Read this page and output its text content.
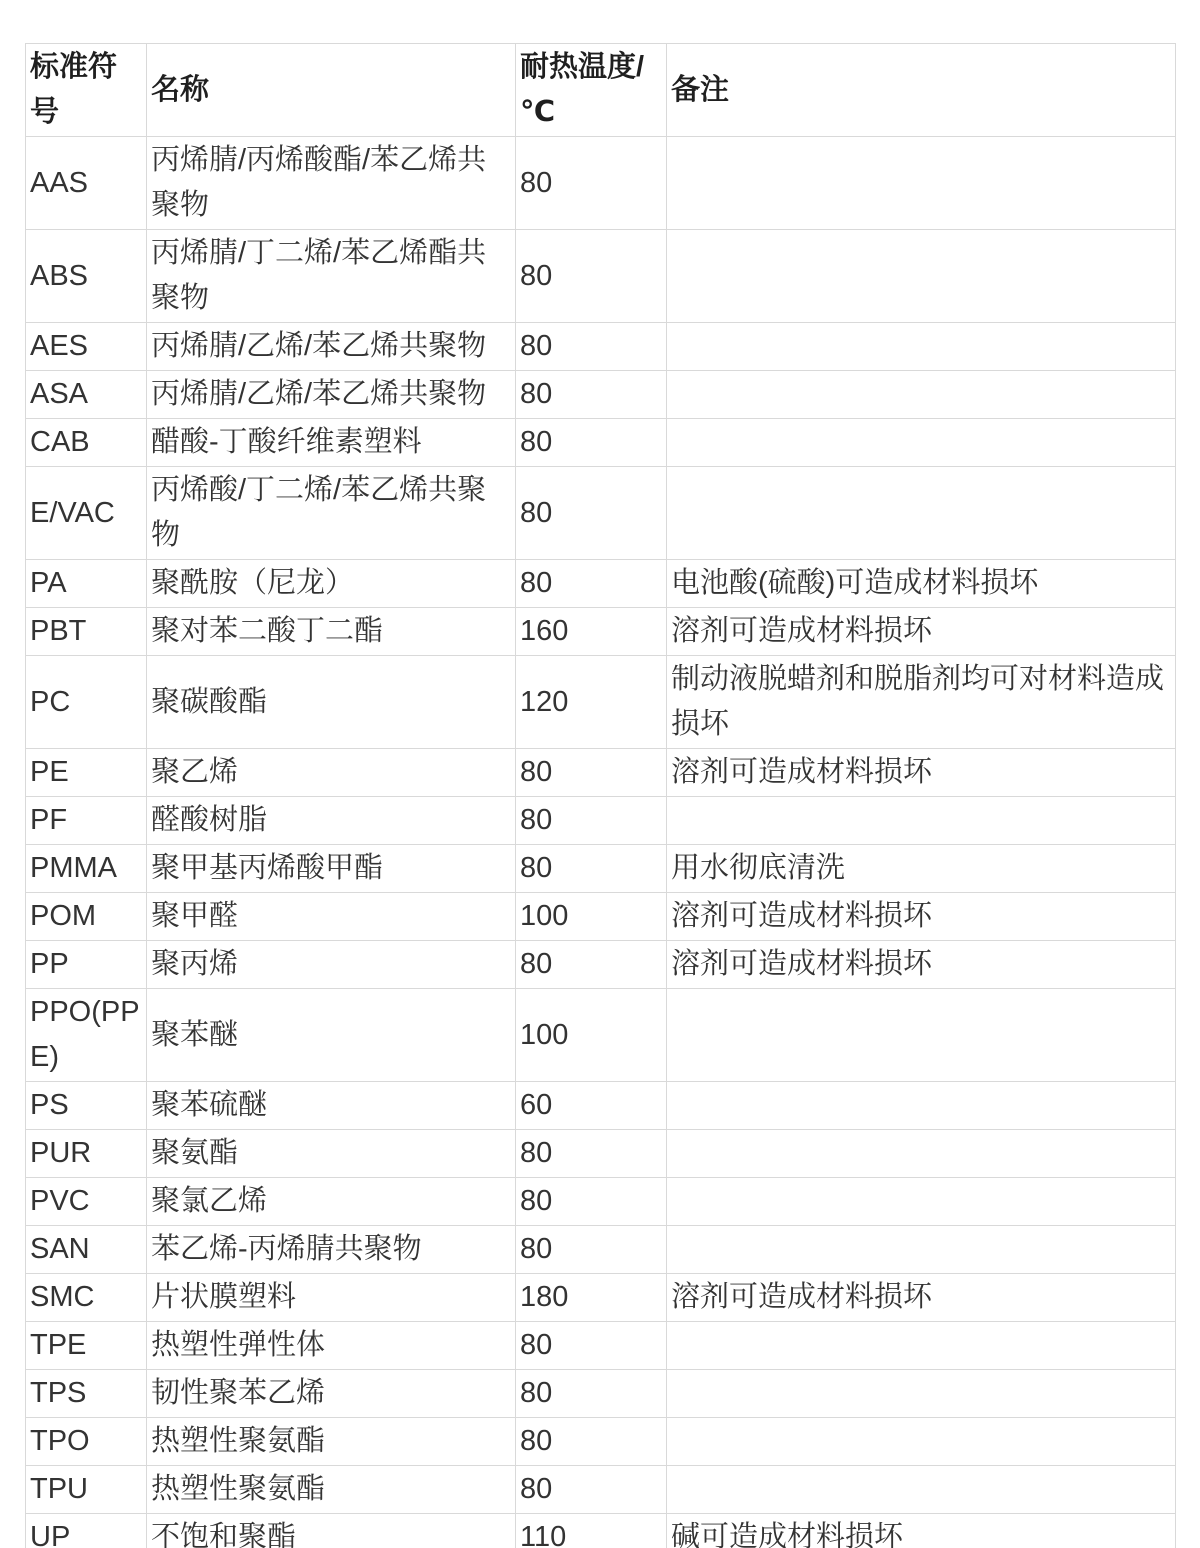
标准符号	名称	耐热温度/℃	备注
AAS	丙烯腈/丙烯酸酯/苯乙烯共聚物	80	
ABS	丙烯腈/丁二烯/苯乙烯酯共聚物	80	
AES	丙烯腈/乙烯/苯乙烯共聚物	80	
ASA	丙烯腈/乙烯/苯乙烯共聚物	80	
CAB	醋酸-丁酸纤维素塑料	80	
E/VAC	丙烯酸/丁二烯/苯乙烯共聚物	80	
PA	聚酰胺（尼龙）	80	电池酸(硫酸)可造成材料损坏
PBT	聚对苯二酸丁二酯	160	溶剂可造成材料损坏
PC	聚碳酸酯	120	制动液脱蜡剂和脱脂剂均可对材料造成损坏
PE	聚乙烯	80	溶剂可造成材料损坏
PF	醛酸树脂	80	
PMMA	聚甲基丙烯酸甲酯	80	用水彻底清洗
POM	聚甲醛	100	溶剂可造成材料损坏
PP	聚丙烯	80	溶剂可造成材料损坏
PPO(PPE)	聚苯醚	100	
PS	聚苯硫醚	60	
PUR	聚氨酯	80	
PVC	聚氯乙烯	80	
SAN	苯乙烯-丙烯腈共聚物	80	
SMC	片状膜塑料	180	溶剂可造成材料损坏
TPE	热塑性弹性体	80	
TPS	韧性聚苯乙烯	80	
TPO	热塑性聚氨酯	80	
TPU	热塑性聚氨酯	80	
UP	不饱和聚酯	110	碱可造成材料损坏
